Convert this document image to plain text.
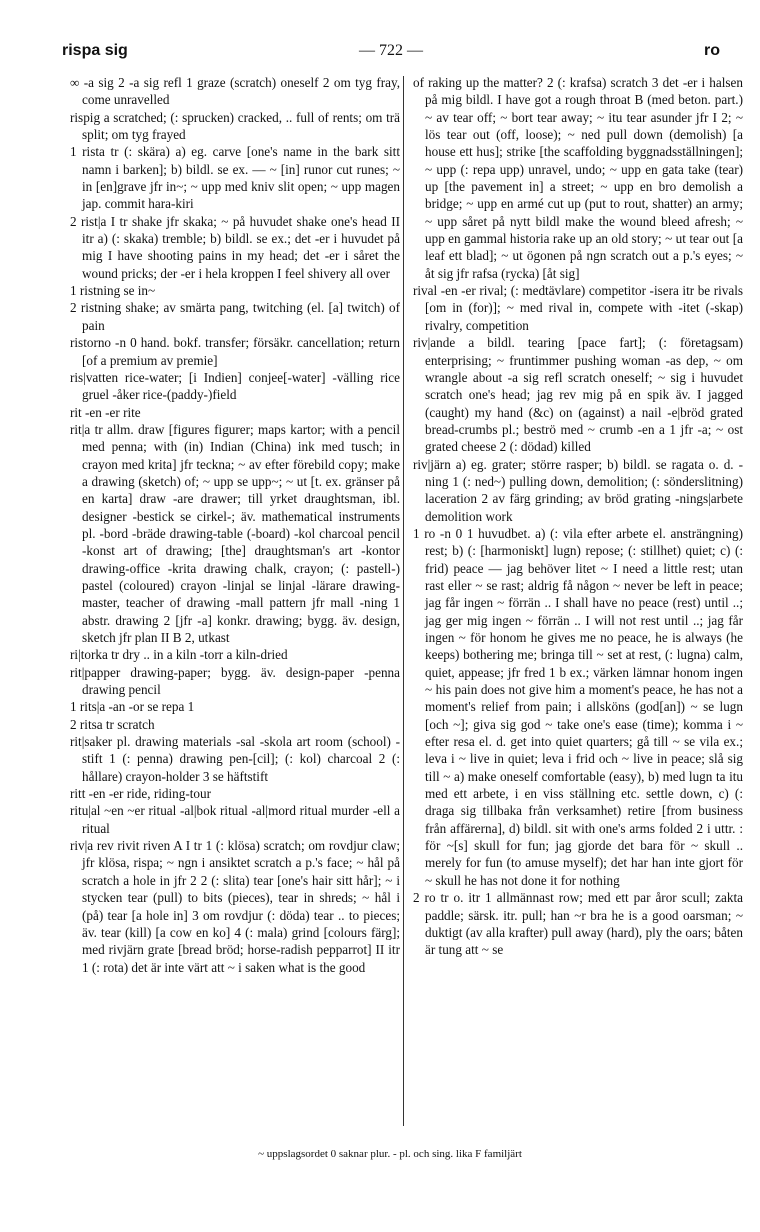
rispa sig	— 722 —	ro

∞ -a sig 2 -a sig refl 1 graze (scratch) oneself 2 om tyg fray, come unravelled

rispig a scratched; (: sprucken) cracked, .. full of rents; om trä split; om tyg frayed

1 rista tr (: skära) a) eg. carve [one's name in the bark sitt namn i barken]; b) bildl. se ex. — ~ [in] runor cut runes; ~ in [en]grave jfr in~; ~ upp med kniv slit open; ~ upp magen jap. commit hara-kiri

2 rist|a I tr shake jfr skaka; ~ på huvudet shake one's head II itr a) (: skaka) tremble; b) bildl. se ex.; det -er i huvudet på mig I have shooting pains in my head; det -er i såret the wound pricks; der -er i hela kroppen I feel shivery all over

1 ristning se in~

2 ristning shake; av smärta pang, twitching (el. [a] twitch) of pain

ristorno -n 0 hand. bokf. transfer; försäkr. cancellation; return [of a premium av premie]

ris|vatten rice-water; [i Indien] conjee[-water] -välling rice gruel -åker rice-(paddy-)field

rit -en -er rite

rit|a tr allm. draw [figures figurer; maps kartor; with a pencil med penna; with (in) Indian (China) ink med tusch; in crayon med krita] jfr teckna; ~ av efter förebild copy; make a drawing (sketch) of; ~ upp se upp~; ~ ut [t. ex. gränser på en karta] draw -are drawer; till yrket draughtsman, ibl. designer -bestick se cirkel-; äv. mathematical instruments pl. -bord -bräde drawing-table (-board) -kol charcoal pencil -konst art of drawing; [the] draughtsman's art -kontor drawing-office -krita drawing chalk, crayon; (: pastell-) pastel (coloured) crayon -linjal se linjal -lärare drawing-master, teacher of drawing -mall pattern jfr mall -ning 1 abstr. drawing 2 [jfr -a] konkr. drawing; bygg. äv. design, sketch jfr plan II B 2, utkast

ri|torka tr dry .. in a kiln -torr a kiln-dried

rit|papper drawing-paper; bygg. äv. design-paper -penna drawing pencil

1 rits|a -an -or se repa 1

2 ritsa tr scratch

rit|saker pl. drawing materials -sal -skola art room (school) -stift 1 (: penna) drawing pen-[cil]; (: kol) charcoal 2 (: hållare) crayon-holder 3 se häftstift

ritt -en -er ride, riding-tour

ritu|al ~en ~er ritual -al|bok ritual -al|mord ritual murder -ell a ritual

riv|a rev rivit riven A I tr 1 (: klösa) scratch; om rovdjur claw; jfr klösa, rispa; ~ ngn i ansiktet scratch a p.'s face; ~ hål på scratch a hole in jfr 2 2 (: slita) tear [one's hair sitt hår]; ~ i stycken tear (pull) to bits (pieces), tear in shreds; ~ hål i (på) tear [a hole in] 3 om rovdjur (: döda) tear .. to pieces; äv. tear (kill) [a cow en ko] 4 (: mala) grind [colours färg]; med rivjärn grate [bread bröd; horse-radish pepparrot] II itr 1 (: rota) det är inte värt att ~ i saken what is the good

of raking up the matter? 2 (: krafsa) scratch 3 det -er i halsen på mig bildl. I have got a rough throat B (med beton. part.) ~ av tear off; ~ bort tear away; ~ itu tear asunder jfr I 2; ~ lös tear out (off, loose); ~ ned pull down (demolish) [a house ett hus]; strike [the scaffolding byggnadsställningen]; ~ upp (: repa upp) unravel, undo; ~ upp en gata take (tear) up [the pavement in] a street; ~ upp en bro demolish a bridge; ~ upp en armé cut up (put to rout, shatter) an army; ~ upp såret på nytt bildl make the wound bleed afresh; ~ upp en gammal historia rake up an old story; ~ ut tear out [a leaf ett blad]; ~ ut ögonen på ngn scratch out a p.'s eyes; ~ åt sig jfr rafsa (rycka) [åt sig]

rival -en -er rival; (: medtävlare) competitor -isera itr be rivals [om in (for)]; ~ med rival in, compete with -itet (-skap) rivalry, competition

riv|ande a bildl. tearing [pace fart]; (: företagsam) enterprising; ~ fruntimmer pushing woman -as dep, ~ om wrangle about -a sig refl scratch oneself; ~ sig i huvudet scratch one's head; jag rev mig på en spik äv. I jagged (caught) my hand (&c) on (against) a nail -e|bröd grated bread-crumbs pl.; beströ med ~ crumb -en a 1 jfr -a; ~ ost grated cheese 2 (: dödad) killed

riv|järn a) eg. grater; större rasper; b) bildl. se ragata o. d. -ning 1 (: ned~) pulling down, demolition; (: sönderslitning) laceration 2 av färg grinding; av bröd grating -nings|arbete demolition work

1 ro -n 0 1 huvudbet. a) (: vila efter arbete el. ansträngning) rest; b) (: [harmoniskt] lugn) repose; (: stillhet) quiet; c) (: frid) peace — jag behöver litet ~ I need a little rest; utan rast eller ~ se rast; aldrig få någon ~ never be left in peace; jag får ingen ~ förrän .. I shall have no peace (rest) until ..; jag ger mig ingen ~ förrän .. I will not rest until ..; jag får ingen ~ för honom he gives me no peace, he is always (he keeps) bothering me; bringa till ~ set at rest, (: lugna) calm, quiet, appease; jfr fred 1 b ex.; värken lämnar honom ingen ~ his pain does not give him a moment's peace, he has not a moment's relief from pain; i allsköns (god[an]) ~ se lugn [och ~]; giva sig god ~ take one's ease (time); komma i ~ efter resa el. d. get into quiet quarters; gå till ~ se vila ex.; leva i ~ live in quiet; leva i frid och ~ live in peace; slå sig till ~ a) make oneself comfortable (easy), b) med lugn ta itu med ett arbete, i en viss ställning etc. settle down, c) (: draga sig tillbaka från verksamhet) retire [from business från affärerna], d) bildl. sit with one's arms folded 2 i uttr. : för ~[s] skull for fun; jag gjorde det bara för ~ skull .. merely for fun (to amuse myself); det har han inte gjort för ~ skull he has not done it for nothing

2 ro tr o. itr 1 allmännast row; med ett par åror scull; zakta paddle; särsk. itr. pull; han ~r bra he is a good oarsman; ~ duktigt (av alla krafter) pull away (hard), ply the oars; båten är tung att ~ se

~ uppslagsordet 0 saknar plur. - pl. och sing. lika F familjärt
